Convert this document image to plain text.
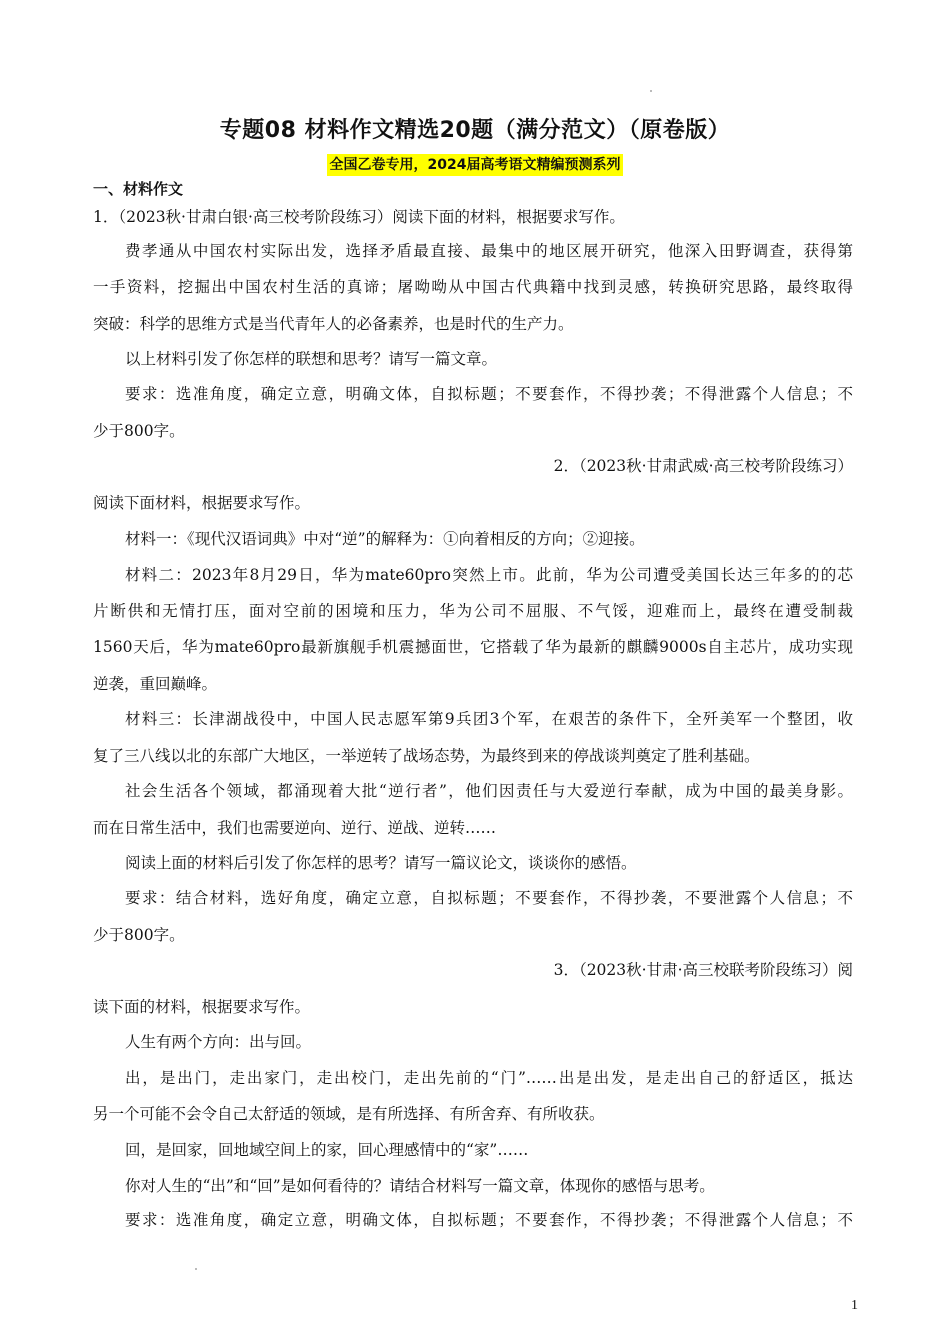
专题08 材料作文精选20题（满分范文）（原卷版）
全国乙卷专用，2024届高考语文精编预测系列
一、材料作文
1．（2023秋·甘肃白银·高三校考阶段练习）阅读下面的材料，根据要求写作。
费孝通从中国农村实际出发，选择矛盾最直接、最集中的地区展开研究，他深入田野调查，获得第
一手资料，挖掘出中国农村生活的真谛；屠呦呦从中国古代典籍中找到灵感，转换研究思路，最终取得
突破：科学的思维方式是当代青年人的必备素养，也是时代的生产力。
以上材料引发了你怎样的联想和思考？请写一篇文章。
要求：选准角度，确定立意，明确文体，自拟标题；不要套作，不得抄袭；不得泄露个人信息；不
少于800字。
2．（2023秋·甘肃武威·高三校考阶段练习）
阅读下面材料，根据要求写作。
材料一：《现代汉语词典》中对“逆”的解释为：①向着相反的方向；②迎接。
材料二：2023年8月29日，华为mate60pro突然上市。此前，华为公司遭受美国长达三年多的的芯
片断供和无情打压，面对空前的困境和压力，华为公司不屈服、不气馁，迎难而上，最终在遭受制裁
1560天后，华为mate60pro最新旗舰手机震撼面世，它搭载了华为最新的麒麟9000s自主芯片，成功实现
逆袭，重回巅峰。
材料三：长津湖战役中，中国人民志愿军第9兵团3个军，在艰苦的条件下，全歼美军一个整团，收
复了三八线以北的东部广大地区，一举逆转了战场态势，为最终到来的停战谈判奠定了胜利基础。
社会生活各个领域，都涌现着大批“逆行者”，他们因责任与大爱逆行奉献，成为中国的最美身影。
而在日常生活中，我们也需要逆向、逆行、逆战、逆转……
阅读上面的材料后引发了你怎样的思考？请写一篇议论文，谈谈你的感悟。
要求：结合材料，选好角度，确定立意，自拟标题；不要套作，不得抄袭，不要泄露个人信息；不
少于800字。
3．（2023秋·甘肃·高三校联考阶段练习）阅
读下面的材料，根据要求写作。
人生有两个方向：出与回。
出，是出门，走出家门，走出校门，走出先前的“门”……出是出发，是走出自己的舒适区，抵达
另一个可能不会令自己太舒适的领域，是有所选择、有所舍弃、有所收获。
回，是回家，回地域空间上的家，回心理感情中的“家”……
你对人生的“出”和“回”是如何看待的？请结合材料写一篇文章，体现你的感悟与思考。
要求：选准角度，确定立意，明确文体，自拟标题；不要套作，不得抄袭；不得泄露个人信息；不
1
